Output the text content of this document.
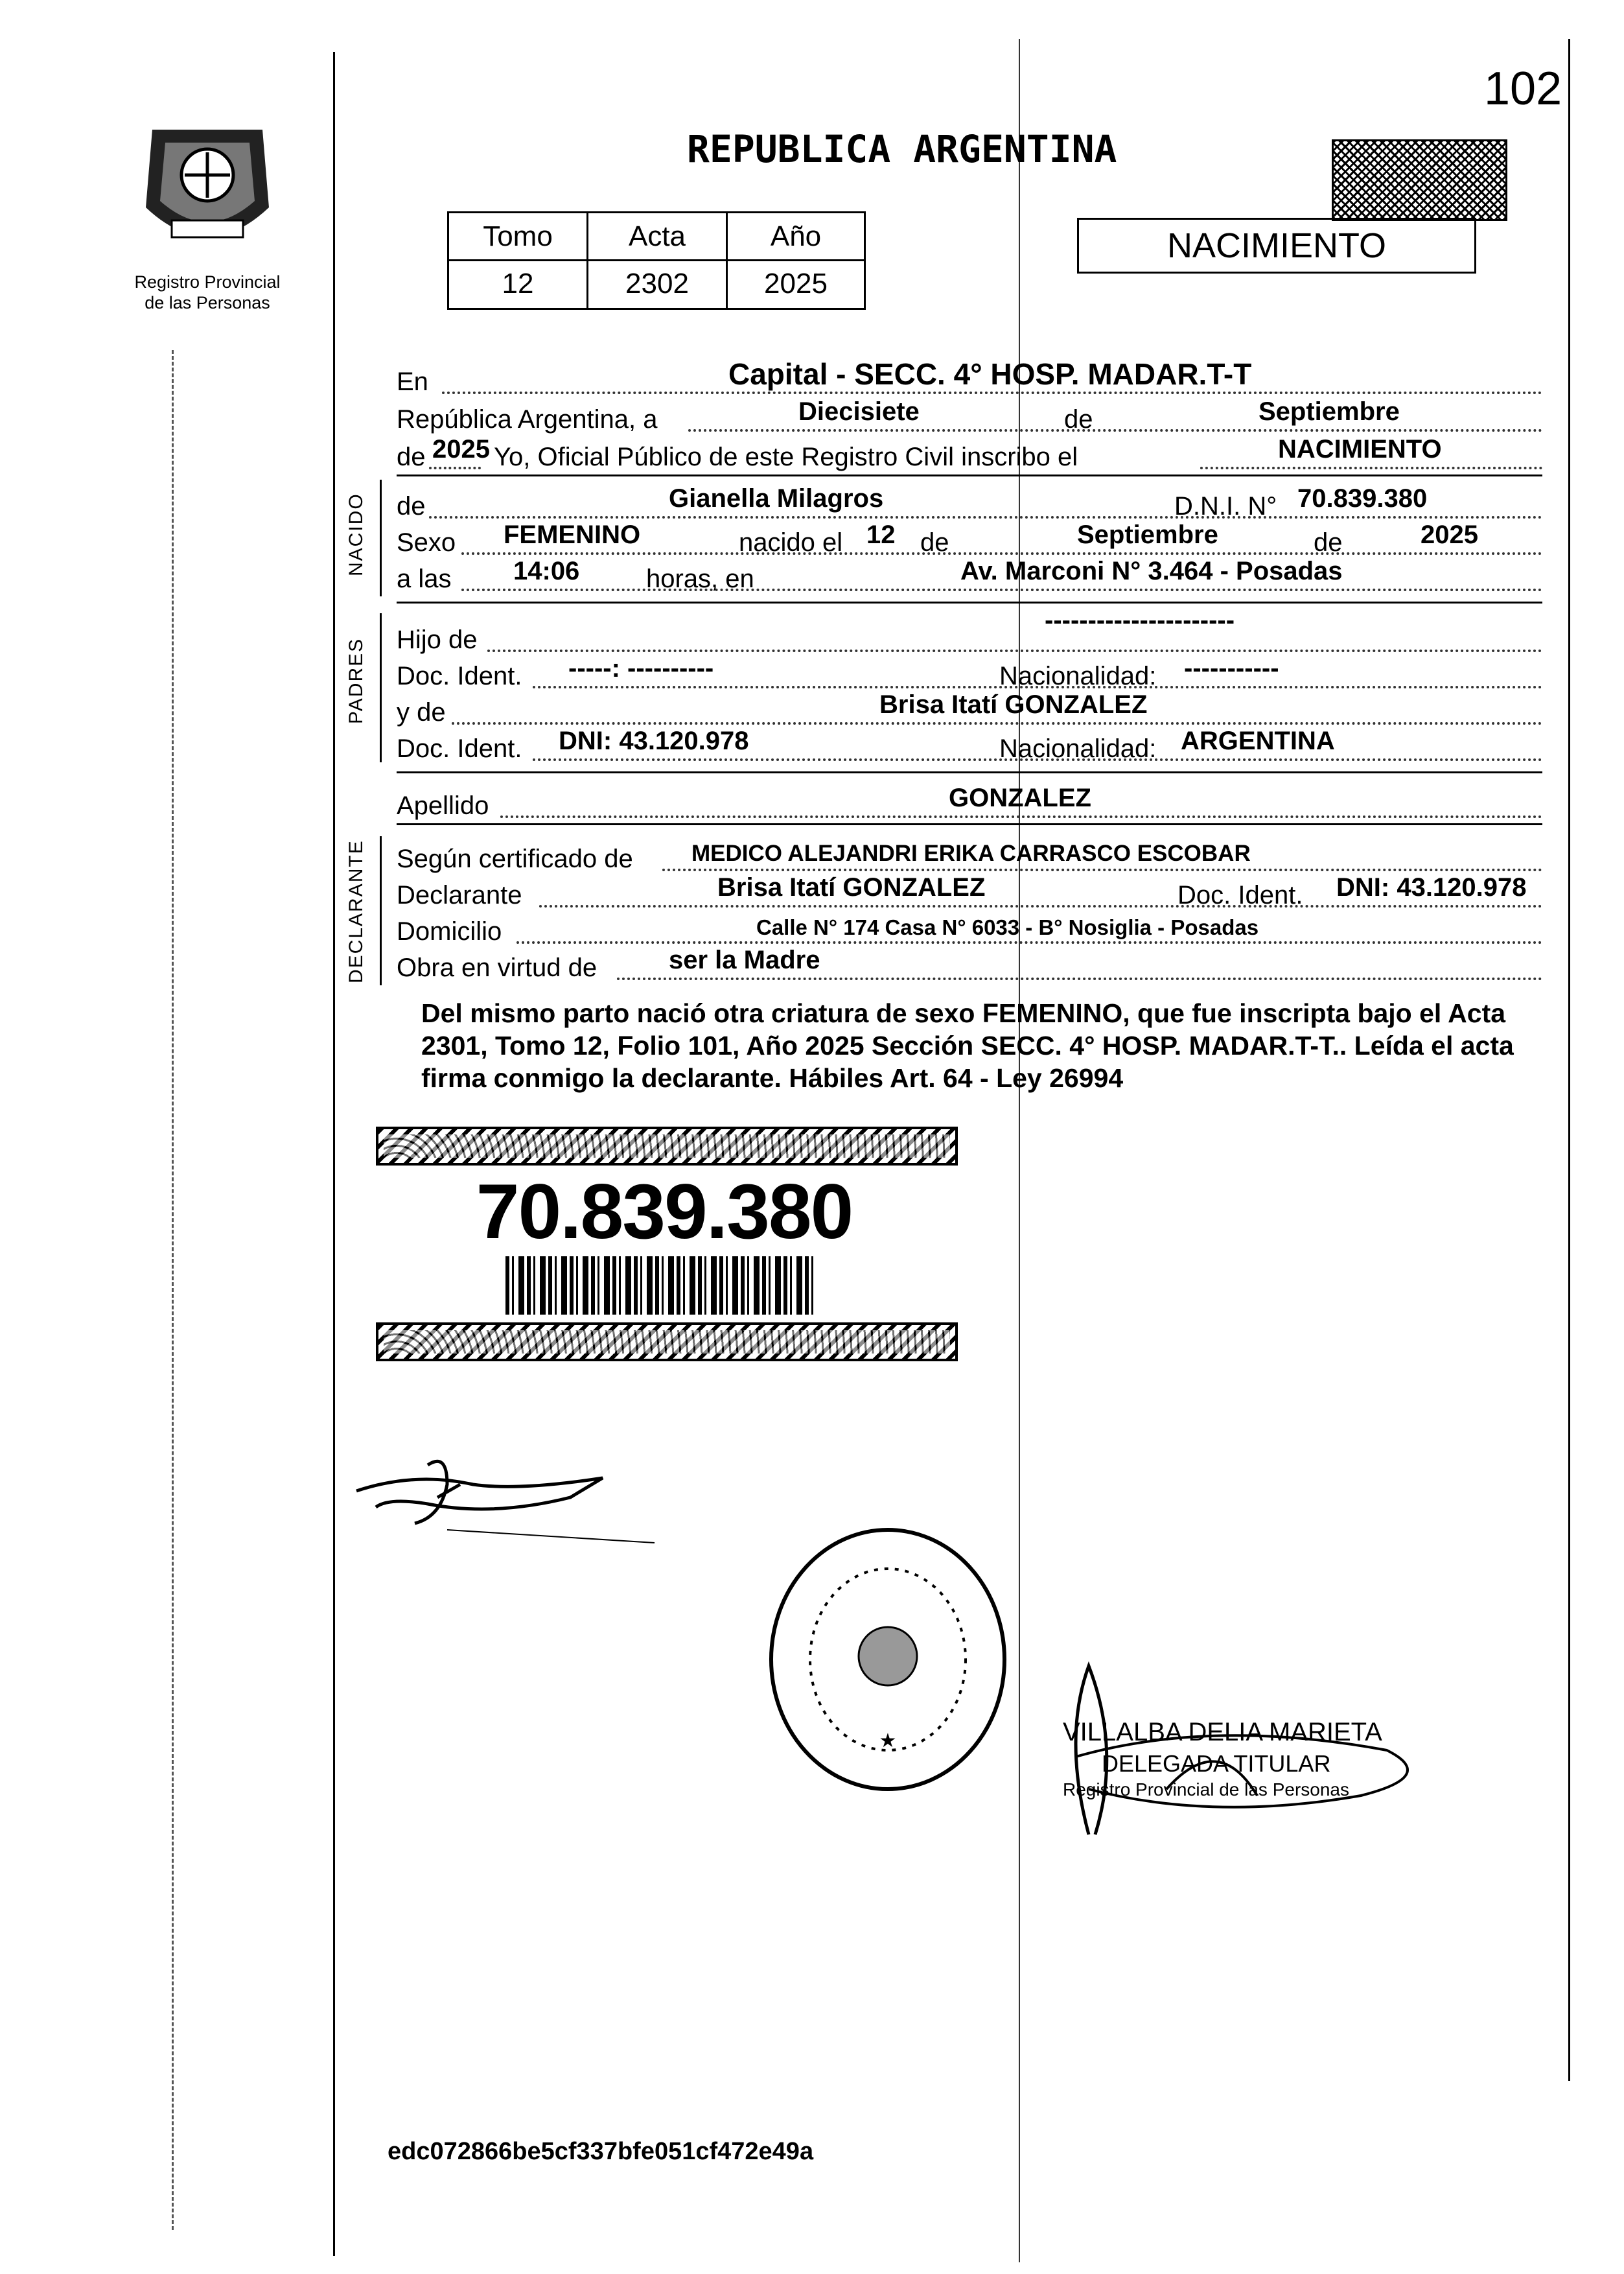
102
Registro Provincial
de las Personas
REPUBLICA ARGENTINA
Tomo	Acta	Año
12	2302	2025
NACIMIENTO
En	Capital - SECC. 4° HOSP. MADAR.T-T
República Argentina, a	Diecisiete	de	Septiembre
de 2025 Yo, Oficial Público de este Registro Civil inscribo el	NACIMIENTO
NACIDO de	Gianella Milagros	D.N.I. N° 70.839.380
Sexo FEMENINO	nacido el 12 de	Septiembre	de	2025
a las 14:06	horas, en	Av. Marconi N° 3.464 - Posadas
PADRES Hijo de
----------------------
Doc. Ident. -----: ----------	Nacionalidad: -----------
y de	Brisa Itatí GONZALEZ
Doc. Ident. DNI: 43.120.978	Nacionalidad: ARGENTINA
Apellido	GONZALEZ
DECLARANTE Según certificado de	MEDICO ALEJANDRI ERIKA CARRASCO ESCOBAR
Declarante	Brisa Itatí GONZALEZ	Doc. Ident. DNI: 43.120.978
Domicilio	Calle N° 174 Casa N° 6033 - B° Nosiglia - Posadas
Obra en virtud de	ser la Madre
Del mismo parto nació otra criatura de sexo FEMENINO, que fue inscripta bajo el Acta 2301, Tomo 12, Folio 101, Año 2025 Sección SECC. 4° HOSP. MADAR.T-T.. Leída el acta firma conmigo la declarante. Hábiles Art. 64 - Ley 26994
70.839.380
★	VILLALBA DELIA MARIETA
DELEGADA TITULAR
Registro Provincial de las Personas
edc072866be5cf337bfe051cf472e49a
